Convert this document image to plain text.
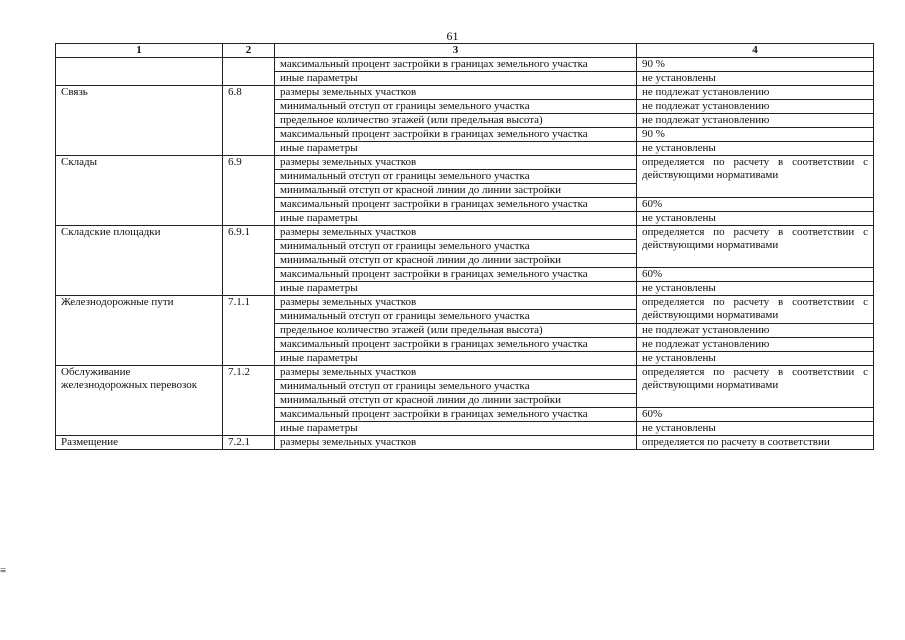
61
≡
1	2	3	4
		максимальный процент застройки в границах земельного участка	90 %
		иные параметры	не установлены
Связь	6.8	размеры земельных участков	не подлежат установлению
		минимальный отступ от границы земельного участка	не подлежат установлению
		предельное количество этажей (или предельная высота)	не подлежат установлению
		максимальный процент застройки в границах земельного участка	90 %
		иные параметры	не установлены
Склады	6.9	размеры земельных участков	определяется по расчету в соответствии с действующими нормативами
		минимальный отступ от границы земельного участка	
		минимальный отступ от красной линии до линии застройки	
		максимальный процент застройки в границах земельного участка	60%
		иные параметры	не установлены
Складские площадки	6.9.1	размеры земельных участков	определяется по расчету в соответствии с действующими нормативами
		минимальный отступ от границы земельного участка	
		минимальный отступ от красной линии до линии застройки	
		максимальный процент застройки в границах земельного участка	60%
		иные параметры	не установлены
Железнодорожные пути	7.1.1	размеры земельных участков	определяется по расчету в соответствии с действующими нормативами
		минимальный отступ от границы земельного участка	
		предельное количество этажей (или предельная высота)	не подлежат установлению
		максимальный процент застройки в границах земельного участка	не подлежат установлению
		иные параметры	не установлены
Обслуживание железнодорожных перевозок	7.1.2	размеры земельных участков	определяется по расчету в соответствии с действующими нормативами
		минимальный отступ от границы земельного участка	
		минимальный отступ от красной линии до линии застройки	
		максимальный процент застройки в границах земельного участка	60%
		иные параметры	не установлены
Размещение	7.2.1	размеры земельных участков	определяется по расчету в соответствии
